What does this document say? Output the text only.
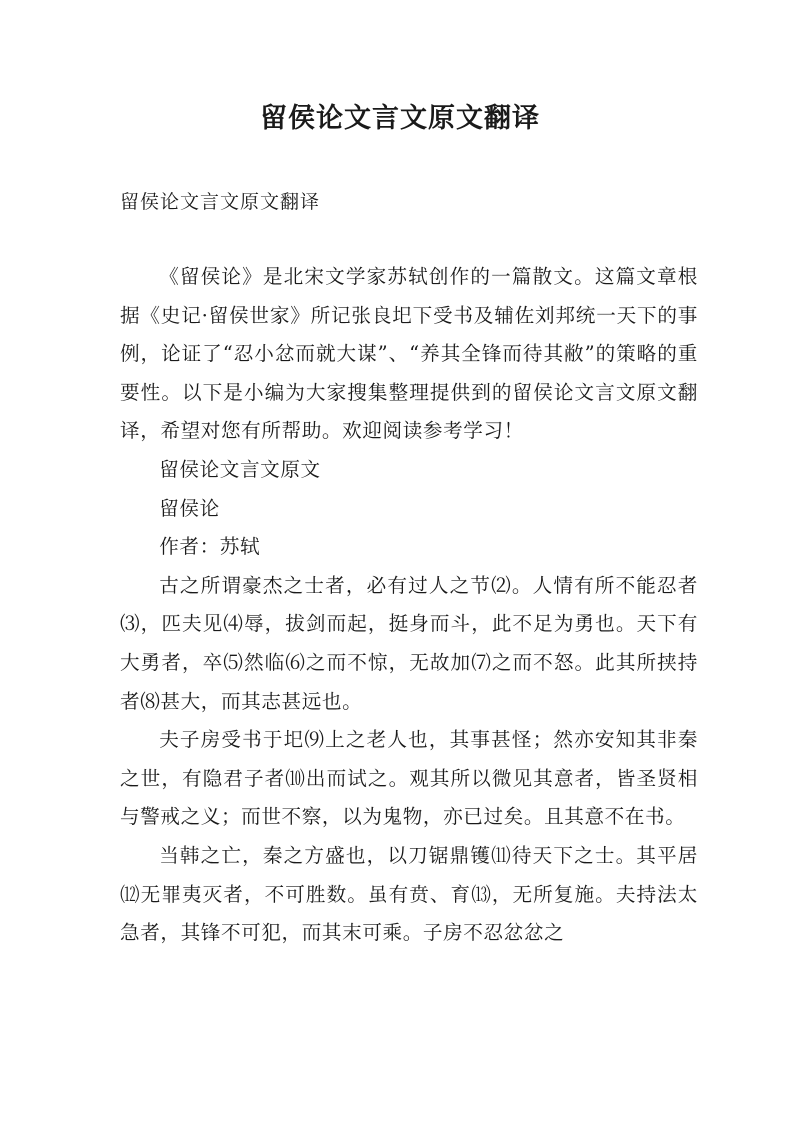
留侯论文言文原文翻译

留侯论文言文原文翻译

《留侯论》是北宋文学家苏轼创作的一篇散文。这篇文章根据《史记·留侯世家》所记张良圯下受书及辅佐刘邦统一天下的事例，论证了“忍小忿而就大谋”、“养其全锋而待其敝”的策略的重要性。以下是小编为大家搜集整理提供到的留侯论文言文原文翻译，希望对您有所帮助。欢迎阅读参考学习！

留侯论文言文原文

留侯论

作者：苏轼

古之所谓豪杰之士者，必有过人之节⑵。人情有所不能忍者⑶，匹夫见⑷辱，拔剑而起，挺身而斗，此不足为勇也。天下有大勇者，卒⑸然临⑹之而不惊，无故加⑺之而不怒。此其所挟持者⑻甚大，而其志甚远也。

夫子房受书于圯⑼上之老人也，其事甚怪；然亦安知其非秦之世，有隐君子者⑽出而试之。观其所以微见其意者，皆圣贤相与警戒之义；而世不察，以为鬼物，亦已过矣。且其意不在书。

当韩之亡，秦之方盛也，以刀锯鼎镬⑾待天下之士。其平居⑿无罪夷灭者，不可胜数。虽有贲、育⒀，无所复施。夫持法太急者，其锋不可犯，而其末可乘。子房不忍忿忿之
